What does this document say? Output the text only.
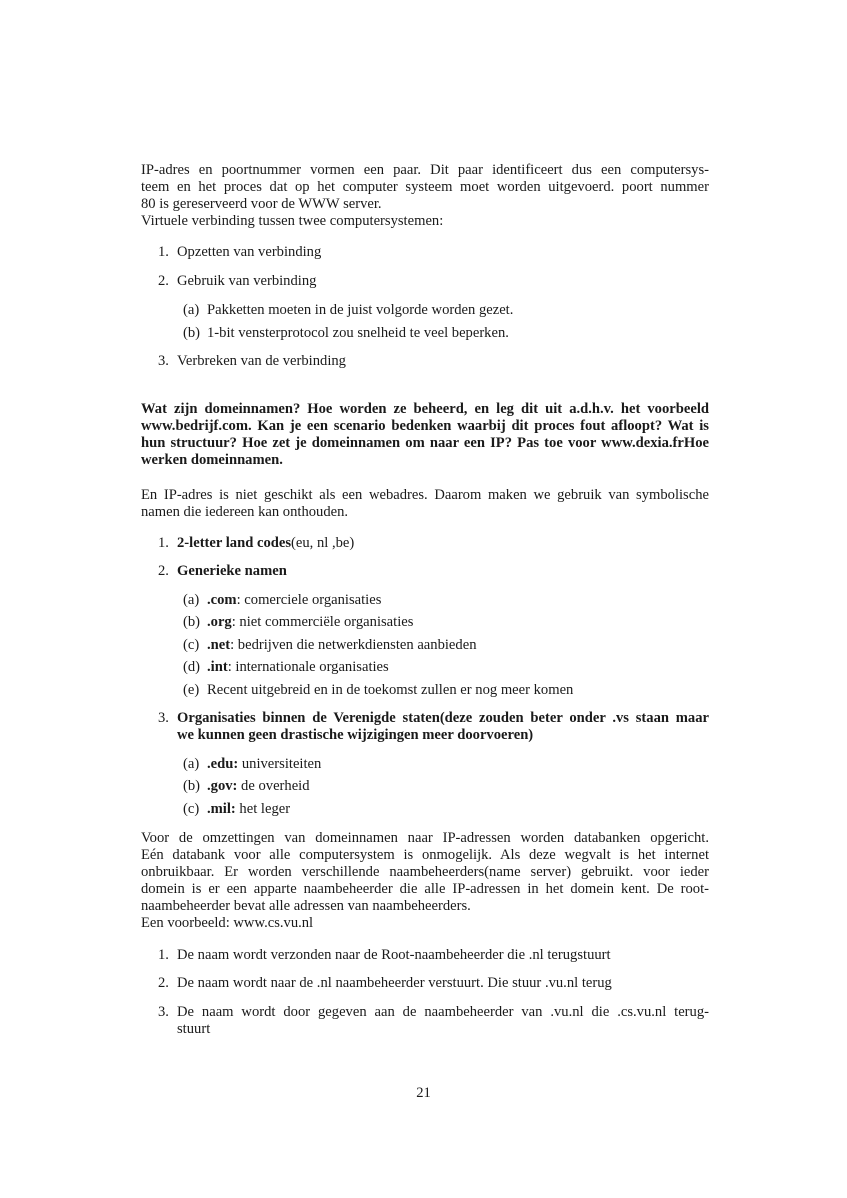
IP-adres en poortnummer vormen een paar. Dit paar identificeert dus een computersys-
teem en het proces dat op het computer systeem moet worden uitgevoerd. poort nummer
80 is gereserveerd voor de WWW server.
Virtuele verbinding tussen twee computersystemen:
1. Opzetten van verbinding
2. Gebruik van verbinding
(a) Pakketten moeten in de juist volgorde worden gezet.
(b) 1-bit vensterprotocol zou snelheid te veel beperken.
3. Verbreken van de verbinding
Wat zijn domeinnamen? Hoe worden ze beheerd, en leg dit uit a.d.h.v. het voorbeeld
www.bedrijf.com. Kan je een scenario bedenken waarbij dit proces fout afloopt? Wat is
hun structuur? Hoe zet je domeinnamen om naar een IP? Pas toe voor www.dexia.frHoe
werken domeinnamen.
En IP-adres is niet geschikt als een webadres. Daarom maken we gebruik van symbolische
namen die iedereen kan onthouden.
1. 2-letter land codes(eu, nl ,be)
2. Generieke namen
(a) .com: comerciele organisaties
(b) .org: niet commerciële organisaties
(c) .net: bedrijven die netwerkdiensten aanbieden
(d) .int: internationale organisaties
(e) Recent uitgebreid en in de toekomst zullen er nog meer komen
3. Organisaties binnen de Verenigde staten(deze zouden beter onder .vs staan maar
we kunnen geen drastische wijzigingen meer doorvoeren)
(a) .edu: universiteiten
(b) .gov: de overheid
(c) .mil: het leger
Voor de omzettingen van domeinnamen naar IP-adressen worden databanken opgericht.
Eén databank voor alle computersystem is onmogelijk. Als deze wegvalt is het internet
onbruikbaar. Er worden verschillende naambeheerders(name server) gebruikt. voor ieder
domein is er een apparte naambeheerder die alle IP-adressen in het domein kent. De root-
naambeheerder bevat alle adressen van naambeheerders.
Een voorbeeld: www.cs.vu.nl
1. De naam wordt verzonden naar de Root-naambeheerder die .nl terugstuurt
2. De naam wordt naar de .nl naambeheerder verstuurt. Die stuur .vu.nl terug
3. De naam wordt door gegeven aan de naambeheerder van .vu.nl die .cs.vu.nl terug-
stuurt
21
